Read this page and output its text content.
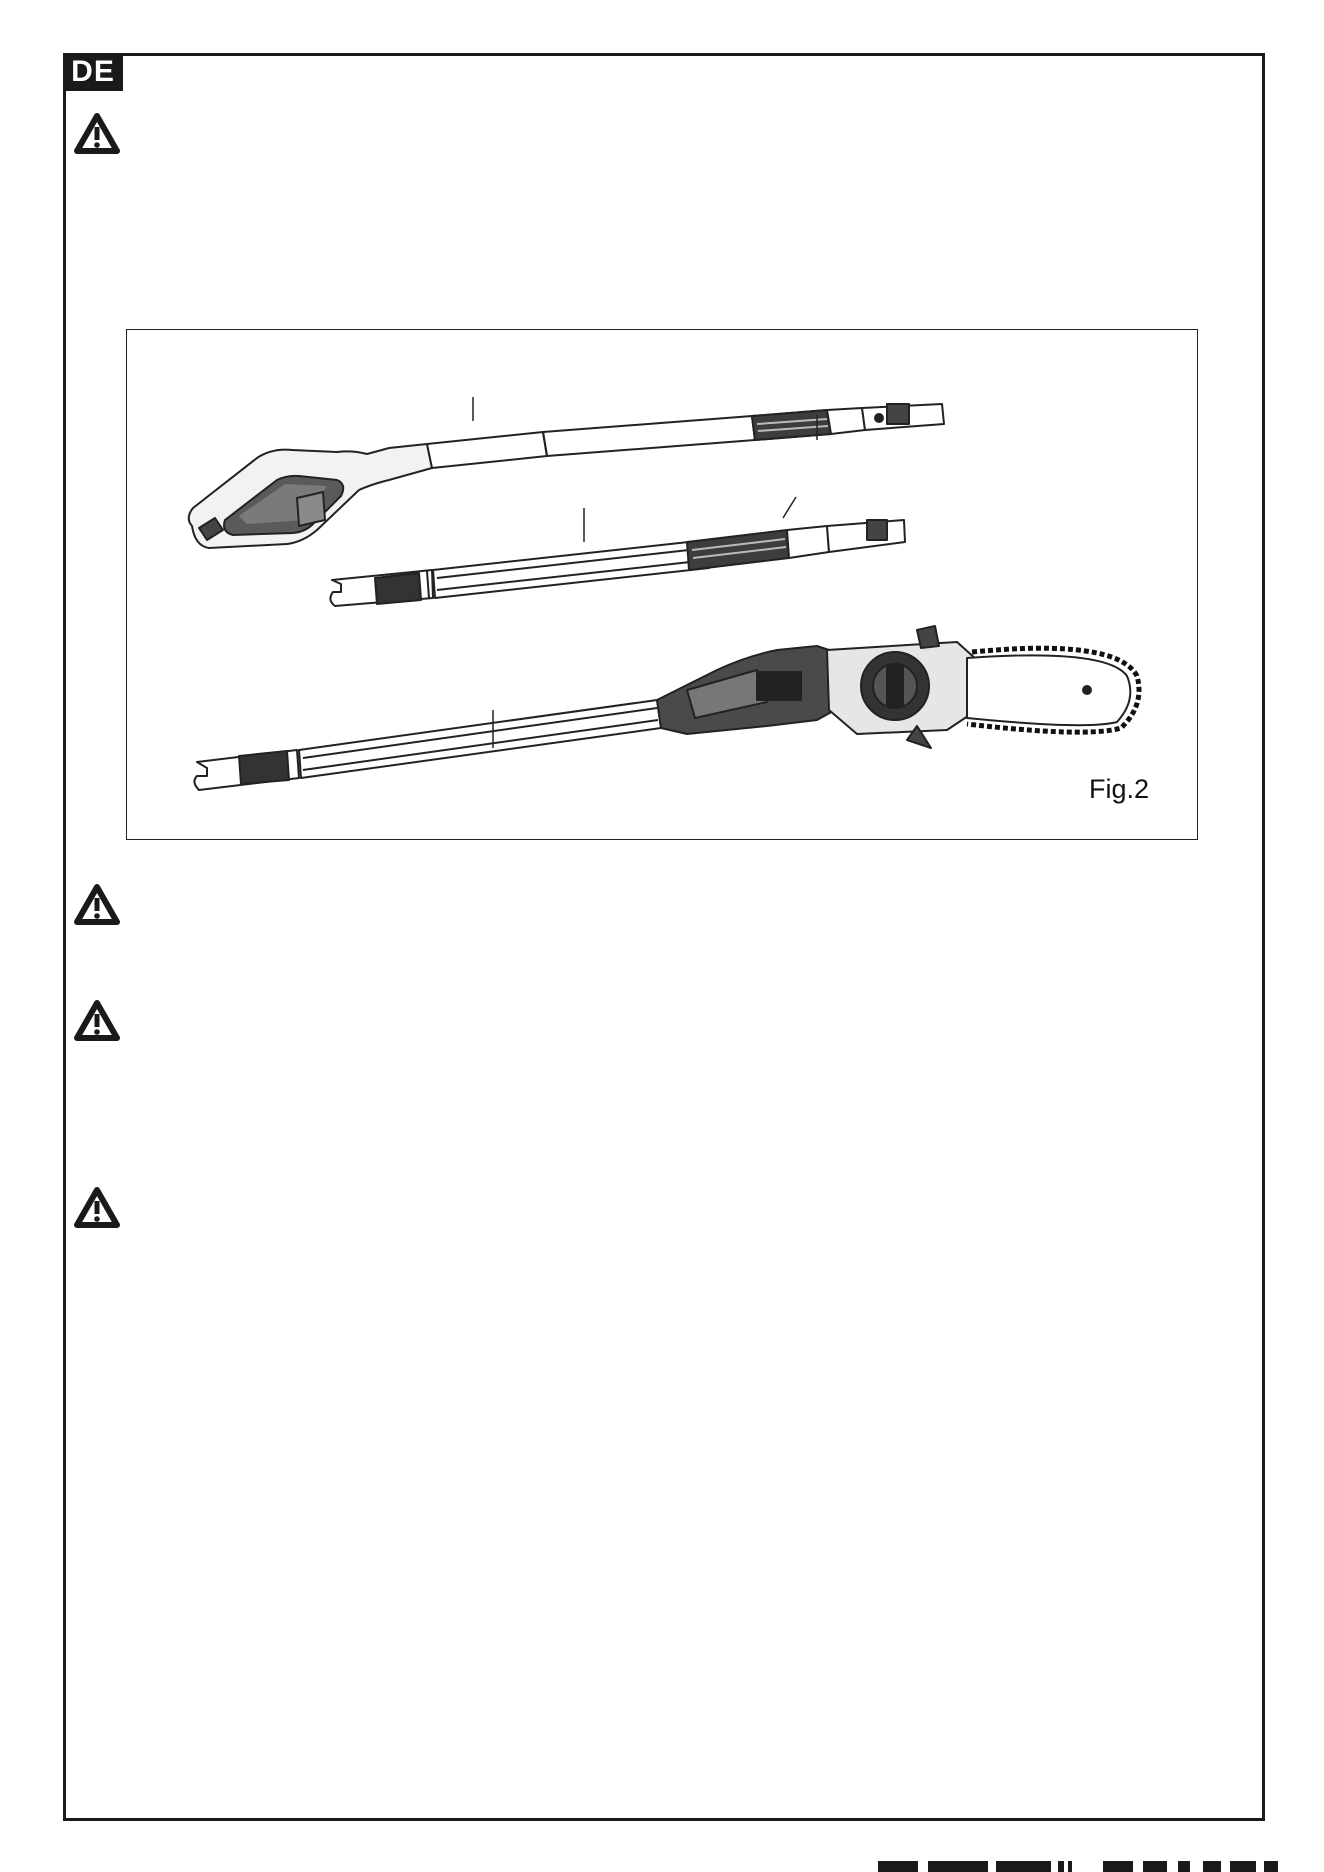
DE
Fig.2
